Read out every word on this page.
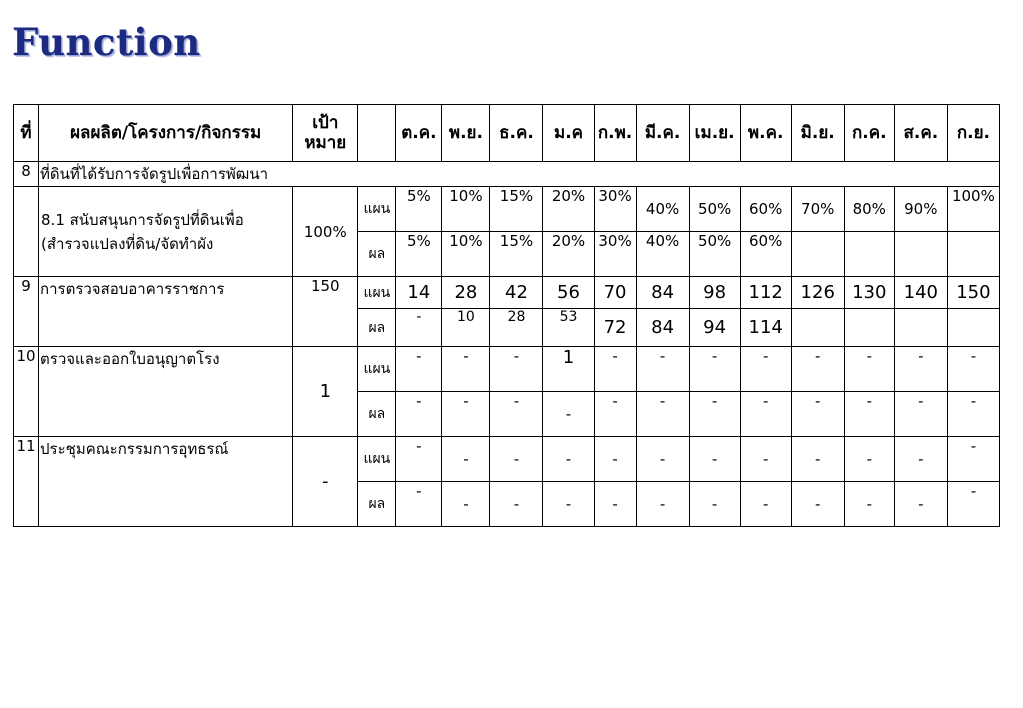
Function
ที่	ผลผลิต/โครงการ/กิจกรรม	เป้าหมาย		ต.ค.	พ.ย.	ธ.ค.	ม.ค	ก.พ.	มี.ค.	เม.ย.	พ.ค.	มิ.ย.	ก.ค.	ส.ค.	ก.ย.
8	ที่ดินที่ได้รับการจัดรูปเพื่อการพัฒนา														
	8.1 สนับสนุนการจัดรูปที่ดินเพื่อ (สำรวจแปลงที่ดิน/จัดทำผัง	100%	แผน	5%	10%	15%	20%	30%	40%	50%	60%	70%	80%	90%	100%
			ผล	5%	10%	15%	20%	30%	40%	50%	60%				
9	การตรวจสอบอาคารราชการ	150	แผน	14	28	42	56	70	84	98	112	126	130	140	150
			ผล	-	10	28	53	72	84	94	114				
10	ตรวจและออกใบอนุญาตโรง	1	แผน	-	-	-	1	-	-	-	-	-	-	-	-
			ผล	-	-	-	-	-	-	-	-	-	-	-	-
11	ประชุมคณะกรรมการอุทธรณ์	-	แผน	-	-	-	-	-	-	-	-	-	-	-	-
			ผล	-	-	-	-	-	-	-	-	-	-	-	-
